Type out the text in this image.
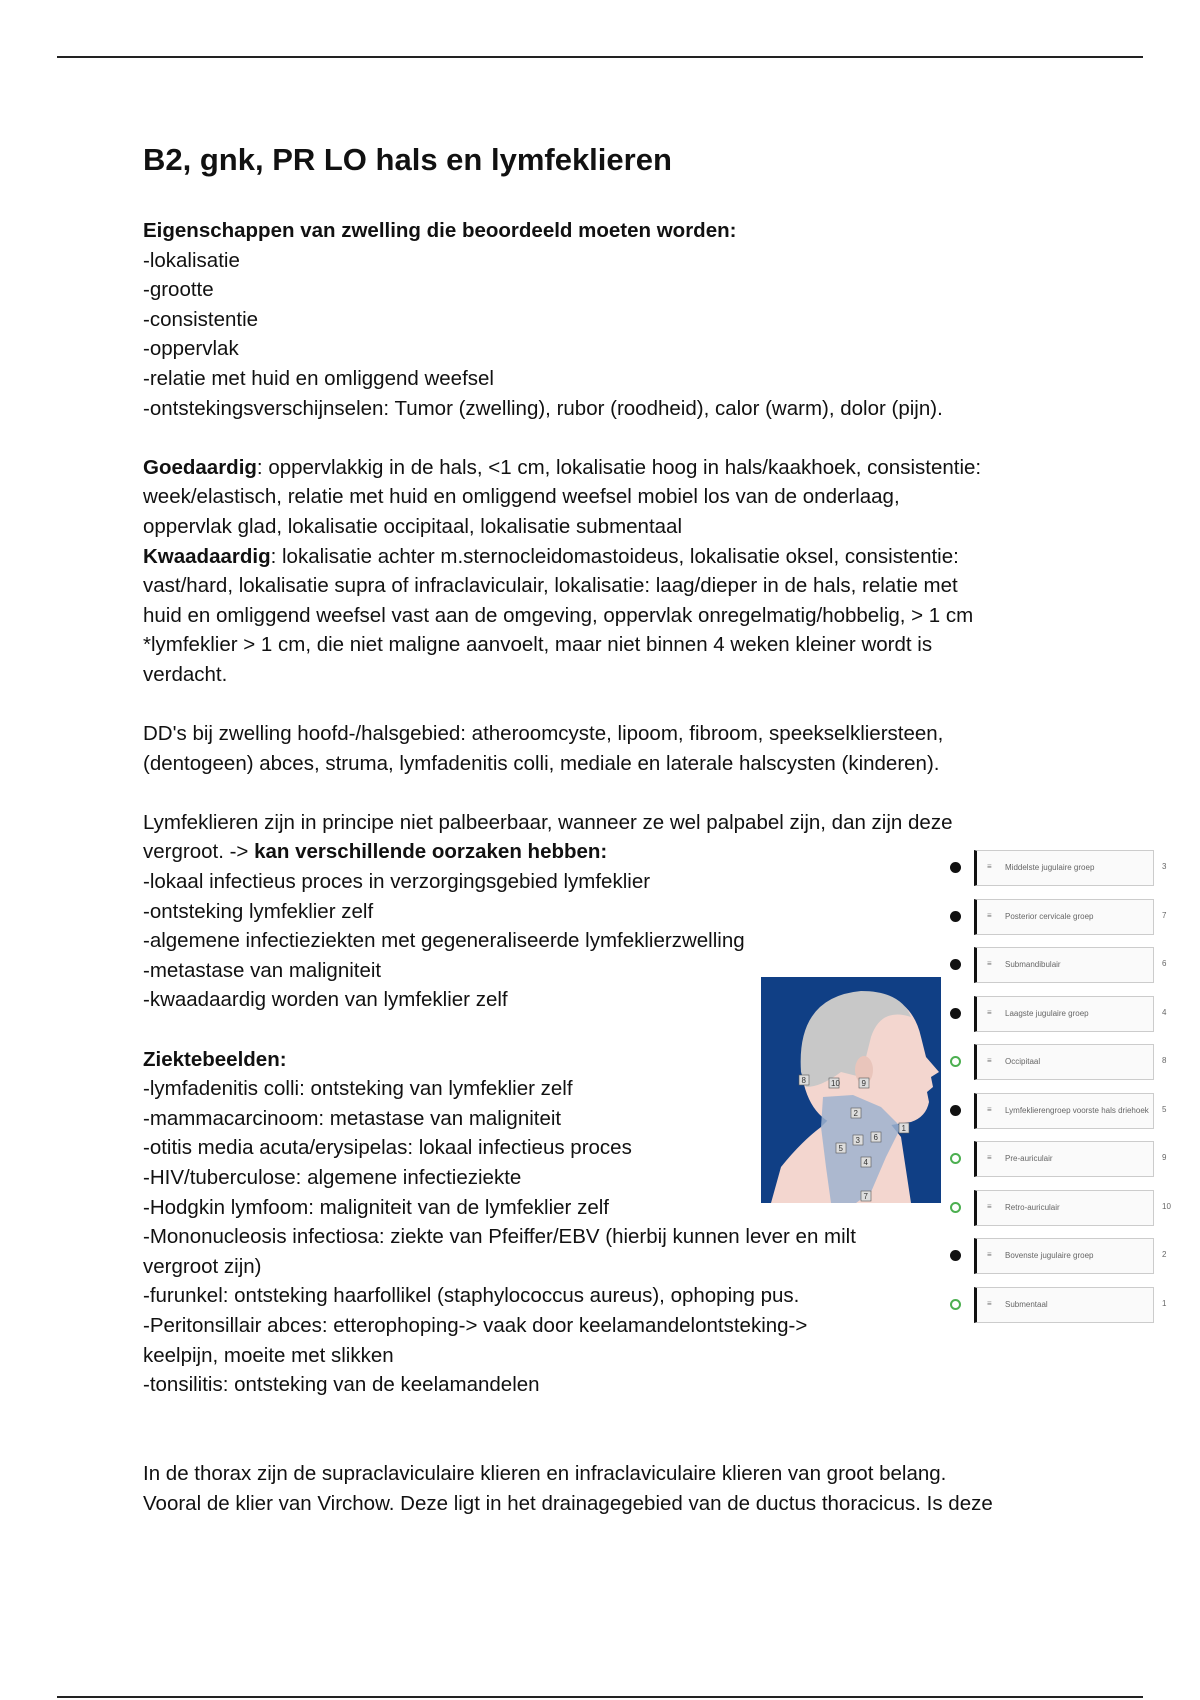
B2, gnk, PR LO hals en lymfeklieren

Eigenschappen van zwelling die beoordeeld moeten worden:

-lokalisatie

-grootte

-consistentie

-oppervlak

-relatie met huid en omliggend weefsel

-ontstekingsverschijnselen: Tumor (zwelling), rubor (roodheid), calor (warm), dolor (pijn).

Goedaardig: oppervlakkig in de hals, <1 cm, lokalisatie hoog in hals/kaakhoek, consistentie:

week/elastisch, relatie met huid en omliggend weefsel mobiel los van de onderlaag,

oppervlak glad, lokalisatie occipitaal, lokalisatie submentaal

Kwaadaardig: lokalisatie achter m.sternocleidomastoideus, lokalisatie oksel, consistentie:

vast/hard, lokalisatie supra of infraclaviculair, lokalisatie: laag/dieper in de hals, relatie met

huid en omliggend weefsel vast aan de omgeving, oppervlak onregelmatig/hobbelig, > 1 cm

*lymfeklier > 1 cm, die niet maligne aanvoelt, maar niet binnen 4 weken kleiner wordt is

verdacht.

DD's bij zwelling hoofd-/halsgebied: atheroomcyste, lipoom, fibroom, speekselkliersteen,

(dentogeen) abces, struma, lymfadenitis colli, mediale en laterale halscysten (kinderen).

Lymfeklieren zijn in principe niet palbeerbaar, wanneer ze wel palpabel zijn, dan zijn deze

vergroot. -> kan verschillende oorzaken hebben:

-lokaal infectieus proces in verzorgingsgebied lymfeklier

-ontsteking lymfeklier zelf

-algemene infectieziekten met gegeneraliseerde lymfeklierzwelling

-metastase van maligniteit

-kwaadaardig worden van lymfeklier zelf

Ziektebeelden:

-lymfadenitis colli: ontsteking van lymfeklier zelf

-mammacarcinoom: metastase van maligniteit

-otitis media acuta/erysipelas: lokaal infectieus proces

-HIV/tuberculose: algemene infectieziekte

-Hodgkin lymfoom: maligniteit van de lymfeklier zelf

-Mononucleosis infectiosa: ziekte van Pfeiffer/EBV (hierbij kunnen lever en milt

vergroot zijn)

-furunkel: ontsteking haarfollikel (staphylococcus aureus), ophoping pus.

-Peritonsillair abces: etterophoping-> vaak door keelamandelontsteking->

keelpijn, moeite met slikken

-tonsilitis: ontsteking van de keelamandelen

In de thorax zijn de supraclaviculaire klieren en infraclaviculaire klieren van groot belang.

Vooral de klier van Virchow. Deze ligt in het drainagegebied van de ductus thoracicus. Is deze

8	10	9
2
1
3 6
5
4
7
≡ Middelste jugulaire groep	3
≡ Posterior cervicale groep	7
≡ Submandibulair	6
≡ Laagste jugulaire groep	4
≡ Occipitaal	8
≡ Lymfeklierengroep voorste hals driehoek 5
≡ Pre-auriculair	9
≡ Retro-auriculair	10
≡ Bovenste jugulaire groep	2
≡ Submentaal	1
